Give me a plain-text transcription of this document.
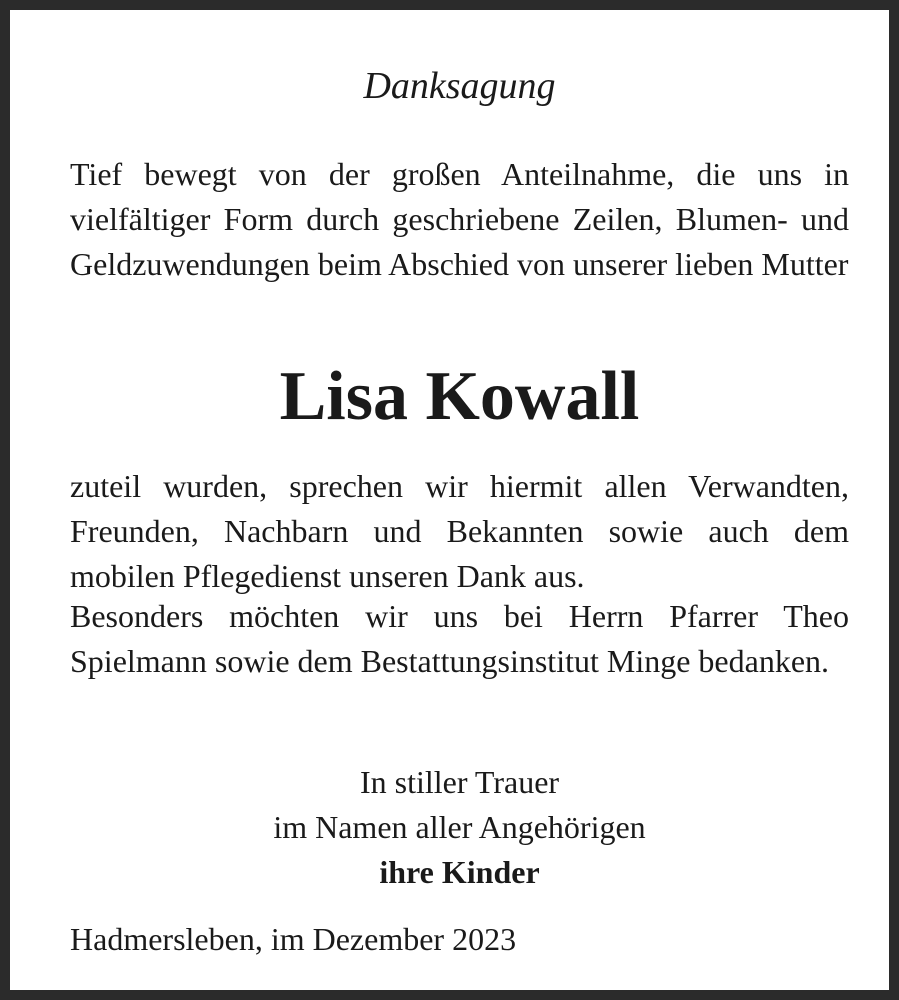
Danksagung
Tief bewegt von der großen Anteilnahme, die uns in vielfältiger Form durch geschriebene Zeilen, Blumen- und Geldzuwendungen beim Abschied von unserer lieben Mutter
Lisa Kowall
zuteil wurden, sprechen wir hiermit allen Verwandten, Freunden, Nachbarn und Bekannten sowie auch dem mobilen Pflegedienst unseren Dank aus.
Besonders möchten wir uns bei Herrn Pfarrer Theo Spielmann sowie dem Bestattungsinstitut Minge bedanken.
In stiller Trauer
im Namen aller Angehörigen
ihre Kinder
Hadmersleben, im Dezember 2023
